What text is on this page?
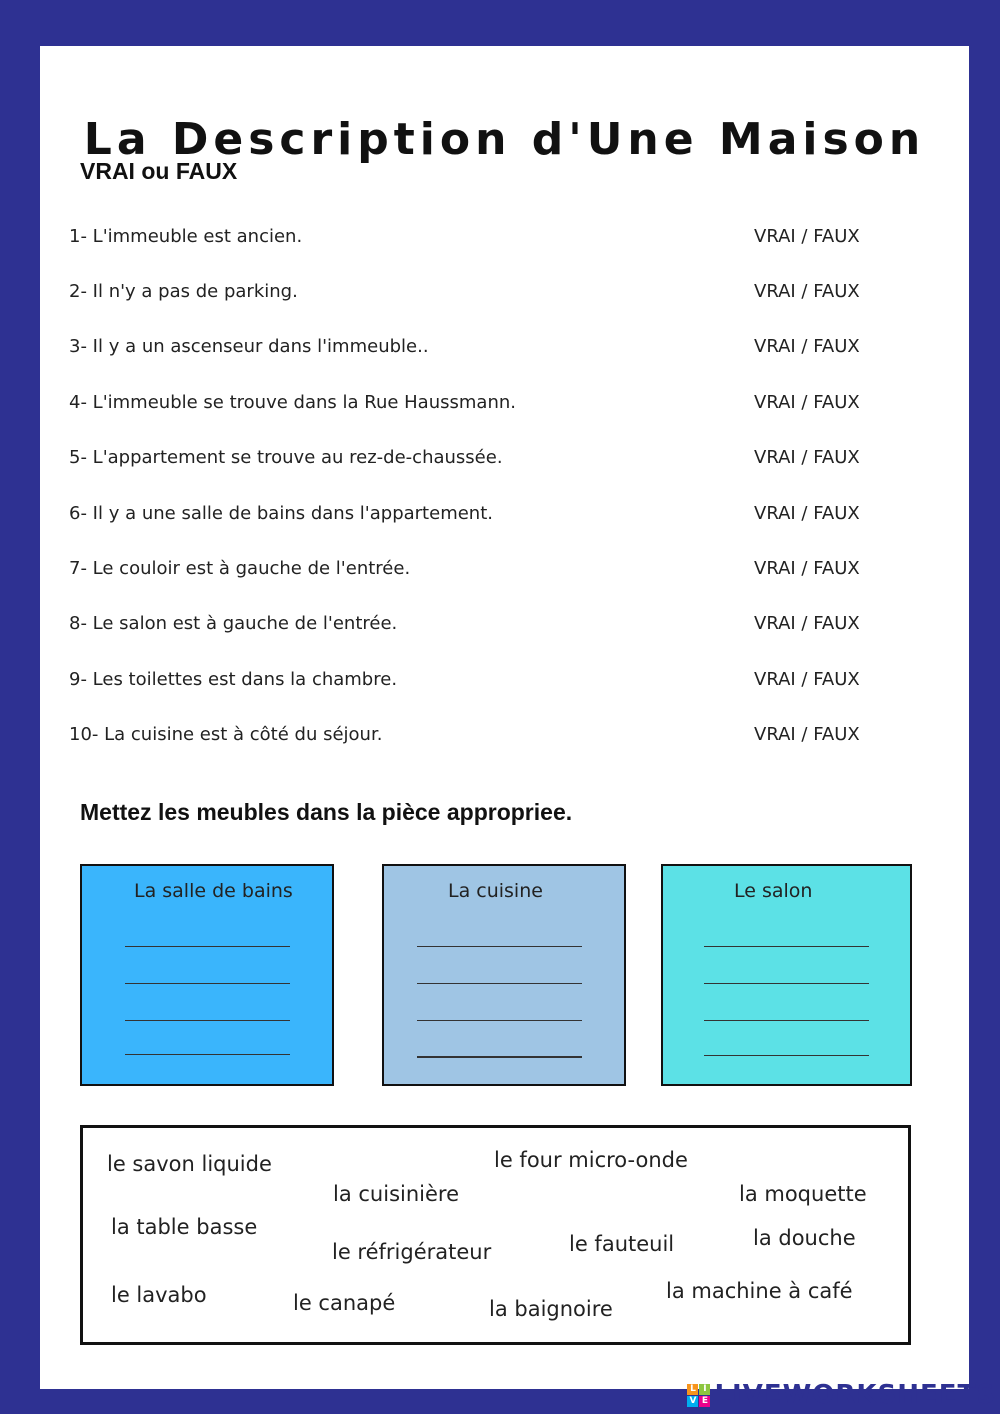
La Description d'Une Maison
VRAI ou FAUX
1- L'immeuble est ancien.	VRAI / FAUX
2- Il n'y a pas de parking.	VRAI / FAUX
3- Il y a un ascenseur dans l'immeuble..	VRAI / FAUX
4- L'immeuble se trouve dans la Rue Haussmann.	VRAI / FAUX
5- L'appartement se trouve au rez-de-chaussée.	VRAI / FAUX
6- Il y a une salle de bains dans l'appartement.	VRAI / FAUX
7- Le couloir est à gauche de l'entrée.	VRAI / FAUX
8- Le salon est à gauche de l'entrée.	VRAI / FAUX
9- Les toilettes est dans la chambre.	VRAI / FAUX
10- La cuisine est à côté du séjour.	VRAI / FAUX
Mettez les meubles dans la pièce appropriee.
La salle de bains	La cuisine	Le salon
le savon liquide	le four micro-onde
la cuisinière	la moquette
la table basse
le réfrigérateur	le fauteuil	la douche
le lavabo	le canapé	la baignoire
la machine à café
L I
V E LIVEWORKSHEETS
